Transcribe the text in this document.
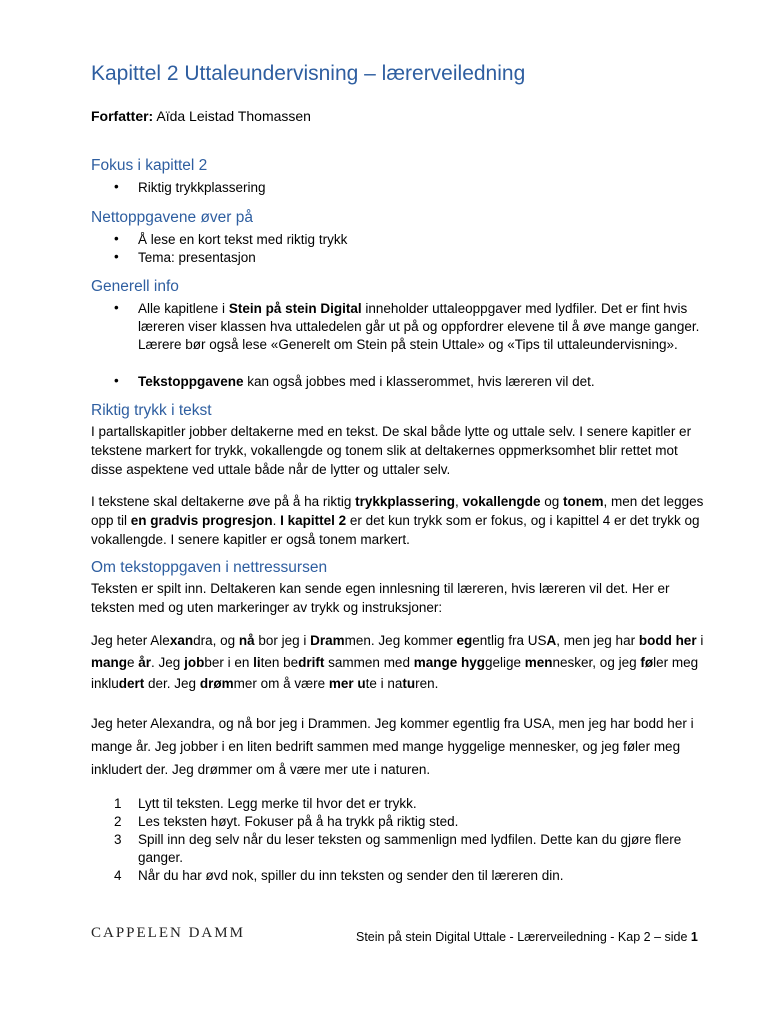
Kapittel 2 Uttaleundervisning – lærerveiledning
Forfatter: Aïda Leistad Thomassen
Fokus i kapittel 2
• Riktig trykkplassering
Nettoppgavene øver på
• Å lese en kort tekst med riktig trykk
• Tema: presentasjon
Generell info
• Alle kapitlene i Stein på stein Digital inneholder uttaleoppgaver med lydfiler. Det er fint hvis læreren viser klassen hva uttaledelen går ut på og oppfordrer elevene til å øve mange ganger. Lærere bør også lese «Generelt om Stein på stein Uttale» og «Tips til uttaleundervisning».
• Tekstoppgavene kan også jobbes med i klasserommet, hvis læreren vil det.
Riktig trykk i tekst
I partallskapitler jobber deltakerne med en tekst. De skal både lytte og uttale selv. I senere kapitler er tekstene markert for trykk, vokallengde og tonem slik at deltakernes oppmerksomhet blir rettet mot disse aspektene ved uttale både når de lytter og uttaler selv.
I tekstene skal deltakerne øve på å ha riktig trykkplassering, vokallengde og tonem, men det legges opp til en gradvis progresjon. I kapittel 2 er det kun trykk som er fokus, og i kapittel 4 er det trykk og vokallengde. I senere kapitler er også tonem markert.
Om tekstoppgaven i nettressursen
Teksten er spilt inn. Deltakeren kan sende egen innlesning til læreren, hvis læreren vil det. Her er teksten med og uten markeringer av trykk og instruksjoner:
Jeg heter Alexandra, og nå bor jeg i Drammen. Jeg kommer egentlig fra USA, men jeg har bodd her i mange år. Jeg jobber i en liten bedrift sammen med mange hyggelige mennesker, og jeg føler meg inkludert der. Jeg drømmer om å være mer ute i naturen.
Jeg heter Alexandra, og nå bor jeg i Drammen. Jeg kommer egentlig fra USA, men jeg har bodd her i mange år. Jeg jobber i en liten bedrift sammen med mange hyggelige mennesker, og jeg føler meg inkludert der. Jeg drømmer om å være mer ute i naturen.
1 Lytt til teksten. Legg merke til hvor det er trykk.
2 Les teksten høyt. Fokuser på å ha trykk på riktig sted.
3 Spill inn deg selv når du leser teksten og sammenlign med lydfilen. Dette kan du gjøre flere ganger.
4 Når du har øvd nok, spiller du inn teksten og sender den til læreren din.
CAPPELEN DAMM	Stein på stein Digital Uttale - Lærerveiledning - Kap 2 – side 1
